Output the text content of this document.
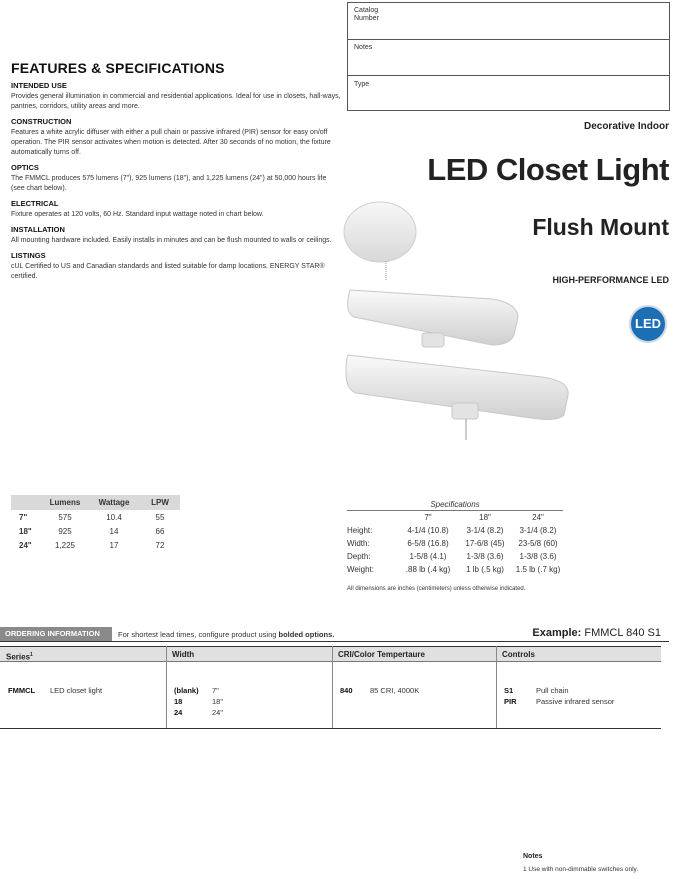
Catalog
Number
Notes
Type
FEATURES & SPECIFICATIONS
INTENDED USE
Provides general illumination in commercial and residential applications. Ideal for use in closets, hall-ways, pantries, corridors, utility areas and more.
CONSTRUCTION
Features a white acrylic diffuser with either a pull chain or passive infrared (PIR) sensor for easy on/off operation. The PIR sensor activates when motion is detected. After 30 seconds of no motion, the fixture automatically turns off.
OPTICS
The FMMCL produces 575 lumens (7"), 925 lumens (18"), and 1,225 lumens (24") at 50,000 hours life (see chart below).
ELECTRICAL
Fixture operates at 120 volts, 60 Hz. Standard input wattage noted in chart below.
INSTALLATION
All mounting hardware included. Easily installs in minutes and can be flush mounted to walls or ceilings.
LISTINGS
cUL Certified to US and Canadian standards and listed suitable for damp locations. ENERGY STAR® certified.
Decorative Indoor
LED Closet Light
Flush Mount
HIGH-PERFORMANCE LED
LED
	Lumens	Wattage	LPW
7"	575	10.4	55
18"	925	14	66
24"	1,225	17	72
Specifications
	7"	18"	24"
Height:	4-1/4 (10.8)	3-1/4 (8.2)	3-1/4 (8.2)
Width:	6-5/8 (16.8)	17-6/8 (45)	23-5/8 (60)
Depth:	1-5/8 (4.1)	1-3/8 (3.6)	1-3/8 (3.6)
Weight:	.88 lb (.4 kg)	1 lb (.5 kg)	1.5 lb (.7 kg)
All dimensions are inches (centimeters) unless otherwise indicated.
ORDERING INFORMATION	For shortest lead times, configure product using bolded options.	Example: FMMCL 840 S1
Series$^1$
FMMCL LED closet light
Width
(blank) 7"
18	18"
24	24"
CRI/Color Tempertaure
840 85 CRI, 4000K
Controls
S1	Pull chain
PIR	Passive infrared sensor
Notes
1 Use with non-dimmable switches only.
